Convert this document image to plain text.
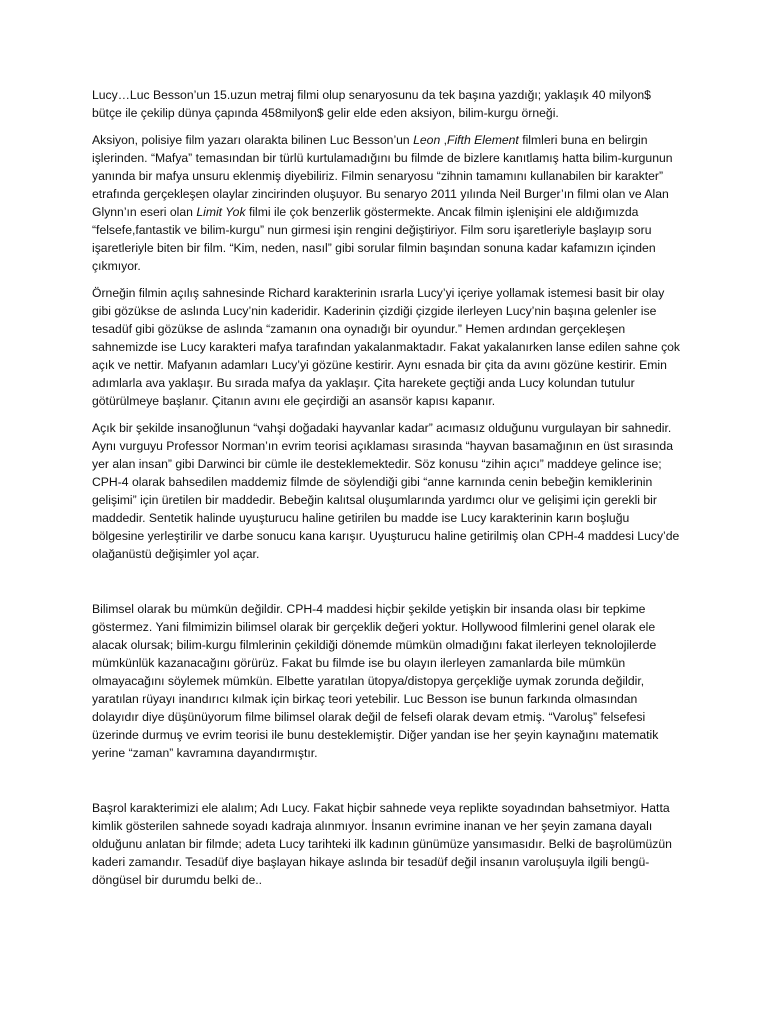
Lucy…Luc Besson’un 15.uzun metraj filmi olup senaryosunu da tek başına yazdığı; yaklaşık 40 milyon$ bütçe ile çekilip dünya çapında 458milyon$ gelir elde eden aksiyon, bilim-kurgu örneği.

Aksiyon, polisiye film yazarı olarakta bilinen Luc Besson’un Leon ,Fifth Element filmleri buna en belirgin işlerinden. “Mafya” temasından bir türlü kurtulamadığını bu filmde de bizlere kanıtlamış hatta bilim-kurgunun yanında bir mafya unsuru eklenmiş diyebiliriz. Filmin senaryosu “zihnin tamamını kullanabilen bir karakter” etrafında gerçekleşen olaylar zincirinden oluşuyor. Bu senaryo 2011 yılında Neil Burger’ın filmi olan ve Alan Glynn’ın eseri olan Limit Yok filmi ile çok benzerlik göstermekte. Ancak filmin işlenişini ele aldığımızda “felsefe,fantastik ve bilim-kurgu” nun girmesi işin rengini değiştiriyor. Film soru işaretleriyle başlayıp soru işaretleriyle biten bir film. “Kim, neden, nasıl” gibi sorular filmin başından sonuna kadar kafamızın içinden çıkmıyor.

Örneğin filmin açılış sahnesinde Richard karakterinin ısrarla Lucy’yi içeriye yollamak istemesi basit bir olay gibi gözükse de aslında Lucy’nin kaderidir. Kaderinin çizdiği çizgide ilerleyen Lucy’nin başına gelenler ise tesadüf gibi gözükse de aslında “zamanın ona oynadığı bir oyundur.” Hemen ardından gerçekleşen sahnemizde ise Lucy karakteri mafya tarafından yakalanmaktadır. Fakat yakalanırken lanse edilen sahne çok açık ve nettir. Mafyanın adamları Lucy’yi gözüne kestirir. Aynı esnada bir çita da avını gözüne kestirir. Emin adımlarla ava yaklaşır. Bu sırada mafya da yaklaşır. Çita harekete geçtiği anda Lucy kolundan tutulur götürülmeye başlanır. Çitanın avını ele geçirdiği an asansör kapısı kapanır.

Açık bir şekilde insanoğlunun “vahşi doğadaki hayvanlar kadar” acımasız olduğunu vurgulayan bir sahnedir. Aynı vurguyu Professor Norman’ın evrim teorisi açıklaması sırasında “hayvan basamağının en üst sırasında yer alan insan” gibi Darwinci bir cümle ile desteklemektedir. Söz konusu “zihin açıcı” maddeye gelince ise; CPH-4 olarak bahsedilen maddemiz filmde de söylendiği gibi “anne karnında cenin bebeğin kemiklerinin gelişimi” için üretilen bir maddedir. Bebeğin kalıtsal oluşumlarında yardımcı olur ve gelişimi için gerekli bir maddedir. Sentetik halinde uyuşturucu haline getirilen bu madde ise Lucy karakterinin karın boşluğu bölgesine yerleştirilir ve darbe sonucu kana karışır. Uyuşturucu haline getirilmiş olan CPH-4 maddesi Lucy’de olağanüstü değişimler yol açar.

Bilimsel olarak bu mümkün değildir. CPH-4 maddesi hiçbir şekilde yetişkin bir insanda olası bir tepkime göstermez. Yani filmimizin bilimsel olarak bir gerçeklik değeri yoktur. Hollywood filmlerini genel olarak ele alacak olursak; bilim-kurgu filmlerinin çekildiği dönemde mümkün olmadığını fakat ilerleyen teknolojilerde mümkünlük kazanacağını görürüz. Fakat bu filmde ise bu olayın ilerleyen zamanlarda bile mümkün olmayacağını söylemek mümkün. Elbette yaratılan ütopya/distopya gerçekliğe uymak zorunda değildir, yaratılan rüyayı inandırıcı kılmak için birkaç teori yetebilir. Luc Besson ise bunun farkında olmasından dolayıdır diye düşünüyorum filme bilimsel olarak değil de felsefi olarak devam etmiş. “Varoluş” felsefesi üzerinde durmuş ve evrim teorisi ile bunu desteklemiştir. Diğer yandan ise her şeyin kaynağını matematik yerine “zaman” kavramına dayandırmıştır.

Başrol karakterimizi ele alalım; Adı Lucy. Fakat hiçbir sahnede veya replikte soyadından bahsetmiyor. Hatta kimlik gösterilen sahnede soyadı kadraja alınmıyor. İnsanın evrimine inanan ve her şeyin zamana dayalı olduğunu anlatan bir filmde; adeta Lucy tarihteki ilk kadının günümüze yansımasıdır. Belki de başrolümüzün kaderi zamandır. Tesadüf diye başlayan hikaye aslında bir tesadüf değil insanın varoluşuyla ilgili bengü-döngüsel bir durumdu belki de..
